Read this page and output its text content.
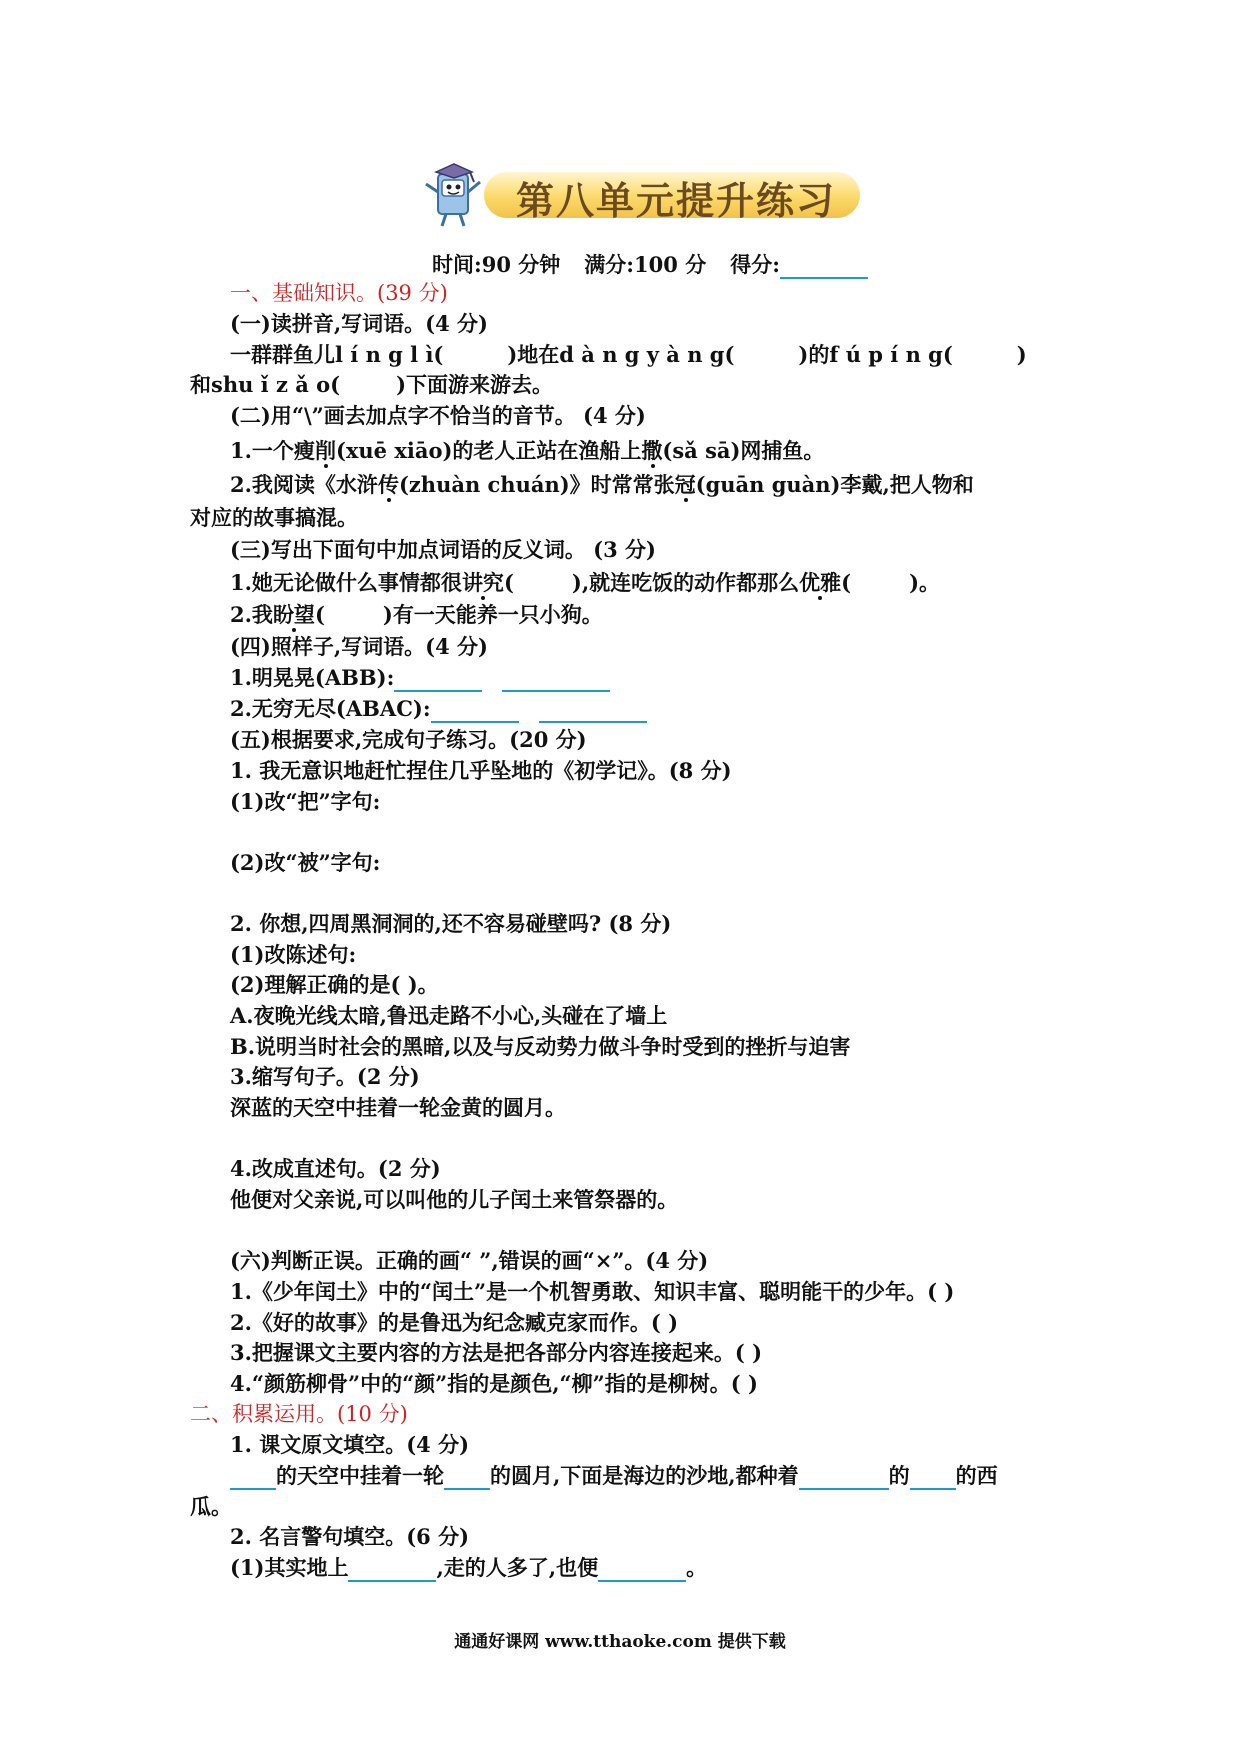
第八单元提升练习
时间:90 分钟 满分:100 分 得分:
一、基础知识。(39 分)
(一)读拼音,写词语。(4 分)
一群群鱼儿l í n g l ì(	)地在d à n g y à n g(	)的f ú p í n g(	)
和shu ǐ z ǎ o(	)下面游来游去。
(二)用“\”画去加点字不恰当的音节。 (4 分)
1.一个瘦削(xuē xiāo)的老人正站在渔船上撒(sǎ sā)网捕鱼。
2.我阅读《水浒传(zhuàn chuán)》时常常张冠(guān guàn)李戴,把人物和
对应的故事搞混。
(三)写出下面句中加点词语的反义词。 (3 分)
1.她无论做什么事情都很讲究(	),就连吃饭的动作都那么优雅(	)。
2.我盼望(	)有一天能养一只小狗。
(四)照样子,写词语。(4 分)
1.明晃晃(ABB):
2.无穷无尽(ABAC):
(五)根据要求,完成句子练习。(20 分)
1. 我无意识地赶忙捏住几乎坠地的《初学记》。(8 分)
(1)改“把”字句:
(2)改“被”字句:
2. 你想,四周黑洞洞的,还不容易碰壁吗? (8 分)
(1)改陈述句:
(2)理解正确的是( )。
A.夜晚光线太暗,鲁迅走路不小心,头碰在了墙上
B.说明当时社会的黑暗,以及与反动势力做斗争时受到的挫折与迫害
3.缩写句子。(2 分)
深蓝的天空中挂着一轮金黄的圆月。
4.改成直述句。(2 分)
他便对父亲说,可以叫他的儿子闰土来管祭器的。
(六)判断正误。正确的画“ ”,错误的画“×”。(4 分)
1.《少年闰土》中的“闰土”是一个机智勇敢、知识丰富、聪明能干的少年。( )
2.《好的故事》的是鲁迅为纪念臧克家而作。( )
3.把握课文主要内容的方法是把各部分内容连接起来。( )
4.“颜筋柳骨”中的“颜”指的是颜色,“柳”指的是柳树。( )
二、积累运用。(10 分)
1. 课文原文填空。(4 分)
的天空中挂着一轮 的圆月,下面是海边的沙地,都种着	的 的西
瓜。
2. 名言警句填空。(6 分)
(1)其实地上	,走的人多了,也便	。
通通好课网 www.tthaoke.com 提供下载
